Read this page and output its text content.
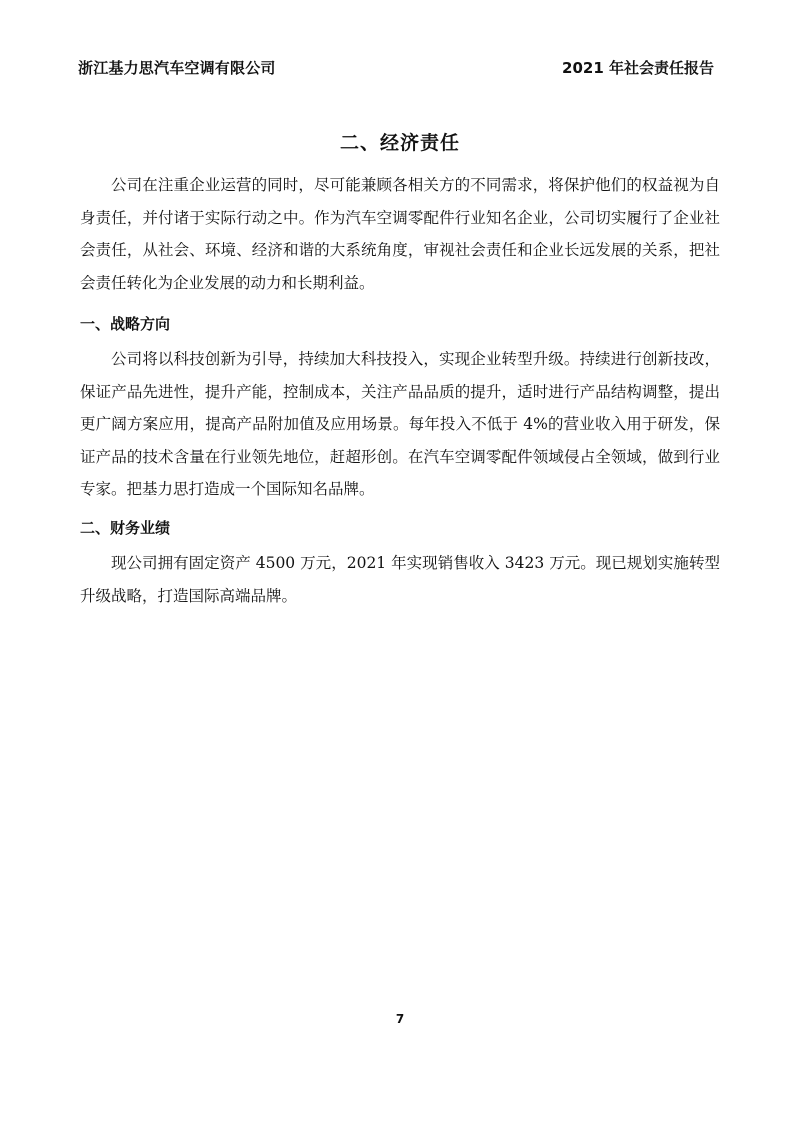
浙江基力思汽车空调有限公司	2021 年社会责任报告
二、经济责任

公司在注重企业运营的同时，尽可能兼顾各相关方的不同需求，将保护他们的权益视为自身责任，并付诸于实际行动之中。作为汽车空调零配件行业知名企业，公司切实履行了企业社会责任，从社会、环境、经济和谐的大系统角度，审视社会责任和企业长远发展的关系，把社会责任转化为企业发展的动力和长期利益。

一、战略方向

公司将以科技创新为引导，持续加大科技投入，实现企业转型升级。持续进行创新技改，保证产品先进性，提升产能，控制成本，关注产品品质的提升，适时进行产品结构调整，提出更广阔方案应用，提高产品附加值及应用场景。每年投入不低于 4%的营业收入用于研发，保证产品的技术含量在行业领先地位，赶超形创。在汽车空调零配件领域侵占全领域，做到行业专家。把基力思打造成一个国际知名品牌。

二、财务业绩

现公司拥有固定资产 4500 万元，2021 年实现销售收入 3423 万元。现已规划实施转型升级战略，打造国际高端品牌。

7
